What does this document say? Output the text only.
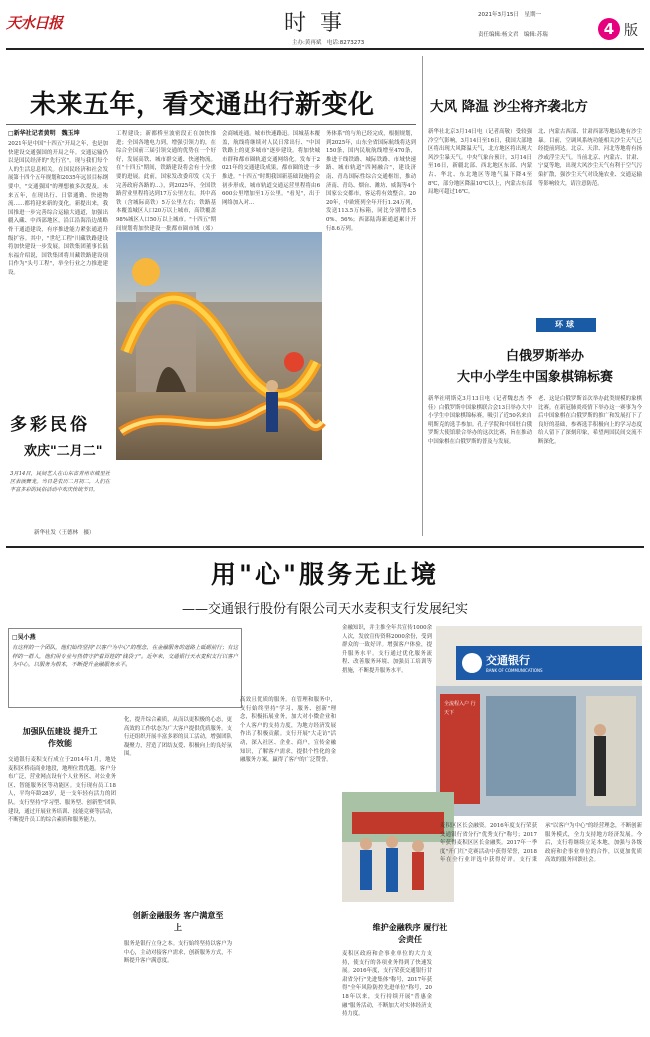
天水日报	时事
主办:黄再斌　电话:8273273
2021年3月15日　星期一
责任编辑:杨文君　编辑:苏瑞	4 版
未来五年，看交通出行新变化
□新华社记者黄明　魏玉坤
2021年是中国"十四五"开局之年，也是加快建设交通强国的开局之年。交通运输仍以是国民经济的"先行官"，现与我们每个人的生活息息相关。在国民经济和社会发展第十四个五年规划和2035年远景目标纲要中，"交通强国"的理想被多次提及。未来五年，在现出行、日常通勤、快递物流……都将迎来新的变化。新提出来，我国推进一步完善综合运输大通道，加强出疆入藏、中西部地区，沿江沿海沿边战略骨干通道建设，有序推进能力紧张通道升级扩容。其中，"世纪工程"川藏铁路建设将加快建设一步发展。国铁集团董事长陆东福介绍说，国铁集团将川藏铁路建设项目作为"头号工程"，举全行业之力推进建设。
工程建设；新都桥至波密段正在加快推进；全国各地电力到，增强引领力的，在综合全国前三届引领交通的优势在一个好好，发展高铁、城市群交通、快递物流。在"十四五"期间，铁路建设将会有十分重要的进展。此前，国家发改委印发《关于完善政府各路的...》，到2025年，全国铁路营业里程将达到17万公里左右。其中高铁（含城际高铁）5万公里左右；铁路基本覆盖城区人口20万以上城市，高铁覆盖98%城区人口50万以上城市。"十四五"期间规划将加快建设一批都市圈市域（郊）
会商城连通。城市快速路迅。国城基本覆盖，航线将继续对人民日常出行、"中国铁路上的更多城市"逐步建设。将加快城市群和都市圈轨道交通网络化。发布于2021年的交通建设成果，都市圈的进一步推进。"十四五"时期我国新基础设施将会初步形成，城市轨道交通运营里程将由6600公里增加至1万公里。"看见"，出于网络加入对...
务体系"的与角已经完成，根据规划，到2025年，山东全省国际航线将达到150条，国内民航航线增至470条，推进干线铁路、城际铁路、市域快速路、城市轨道"四网融合"，建设济南、青岛国际性综合交通枢纽，推动济南、青岛、烟台、潍坊、威海等4个国家公交都市，客运将有效整合。2020年，中欧班列全年开行1.24万列，发送113.5万标箱，同比分别增长50%、56%；西部陆海新通道累计开行8.6万列。
多彩民俗
欢庆"二月二"
3月14日，民间艺人在山东省青州市城里社区表演舞龙。当日是农历二月初二，人们在丰富多彩的民俗活动中欢庆传统节日。
新华社发（王德林　摄）
大风 降温 沙尘将齐袭北方
新华社北京3月14日电（记者高敬）受较强冷空气影响，3月14日至16日，我国大部地区将出现大风降温天气，北方地区将出现大风沙尘暴天气。中央气象台预计，3月14日至16日，新疆北部、西北地区东部、内蒙古、华北、东北地区等地气温下降4至8℃，部分地区降温10℃以上，内蒙古东部局地可超过16℃。
北、内蒙古西部、甘肃西部等地局地有沙尘暴。目前，空调风系统功能相关沙尘天气已经提前到达。北京、天津、河北等地将有扬沙或浮尘天气。当前北京、内蒙古、甘肃、宁夏等地，出现大风沙尘天气有利于空气污染扩散，强沙尘天气对设施农业、交通运输等影响较大，请注意防范。
环球
白俄罗斯举办
大中小学生中国象棋锦标赛
新华社明斯克3月13日电（记者魏忠杰 李佳）白俄罗斯中国象棋联合会13日举办大中小学生中国象棋锦标赛。吸引了近50名来自明斯克的选手参加。孔子学院和中国驻白俄罗斯大使馆联合举办的这次比赛，旨在推动中国象棋在白俄罗斯的普及与发展。
老、这是白俄罗斯首次举办此类规模的象棋比赛。在新冠肺炎疫情下举办这一赛事为今后中国象棋在白俄罗斯的推广和发展打下了良好的基础，参赛选手积极向上的学习态度给人留下了深刻印象，希望两国民间交流不断深化。
用"心"服务无止境
——交通银行股份有限公司天水麦积支行发展纪实
□吴小燕
有这样的一个团队，他们始终坚持"以客户为中心"的理念，在金融服务的道路上砥砺前行；有这样的一群人，他们用专业与热情守护着百姓的"钱袋子"。近年来，交通银行天水麦积支行以客户为中心，以服务为根本，不断提升金融服务水平。
加强队伍建设 提升工作效能
交通银行麦积支行成立于2014年1月，地处麦积区桥南商业地段，地理位置优越。客户分布广泛，营业网点设有个人业务区、对公业务区、智能服务区等功能区。支行现有员工18人，平均年龄28岁，是一支年轻有活力的团队。支行坚持"学习型、服务型、创新型"团队建设，通过开展业务培训、技能竞赛等活动，不断提升员工的综合素质和服务能力。
化，提升综合素质，从而以更积极的心态，更高效的工作状态为广大客户提供优质服务。支行还组织开展丰富多彩的员工活动，增强团队凝聚力，营造了团结友爱、积极向上的良好氛围。
创新金融服务 客户满意至上
服务是银行立身之本。支行始终坚持以客户为中心，主动对接客户需求，创新服务方式，不断提升客户满意度。
高效且优质的服务。在管理和服务中，支行始终坚持"学习、服务、创新"理念，积极拓展业务，加大对小微企业和个人客户的支持力度，为地方经济发展作出了积极贡献。支行开展"大走访"活动，深入社区、企业、商户，宣传金融知识，了解客户需求，提供个性化的金融服务方案，赢得了客户的广泛赞誉。
金融知识，并主推全年共宣传1000余人次，发放宣传资料2000余份，受到群众的一致好评。增强客户体验，提升服务水平。支行通过优化服务流程、改善服务环境、加强员工培训等措施，不断提升服务水平。
交通银行
BANK OF COMMUNICATIONS
全流程入户 行天下
维护金融秩序 履行社会责任
麦积区政府和企事业单位的大力支持，使支行的各项业务得到了快速发展。2016年度，支行荣获交通银行甘肃省分行"先进集体"称号，2017年获得"全年风险防控先进单位"称号，2018年以来，支行持续开展"普惠金融"服务活动，不断加大对实体经济支持力度。
麦积区区长会融资。2016年度支行荣获交通银行省分行"优秀支行"称号；2017年获得麦积区区长金融奖。2017年一季度"开门红"竞赛活动中获得荣誉，2018年在全行业评选中获得好评。支行秉承"以客户为中心"的经营理念，不断创新服务模式，全力支持地方经济发展。今后，支行将继续立足本地，加强与各级政府和企事业单位的合作，以更加优质高效的服务回馈社会。
